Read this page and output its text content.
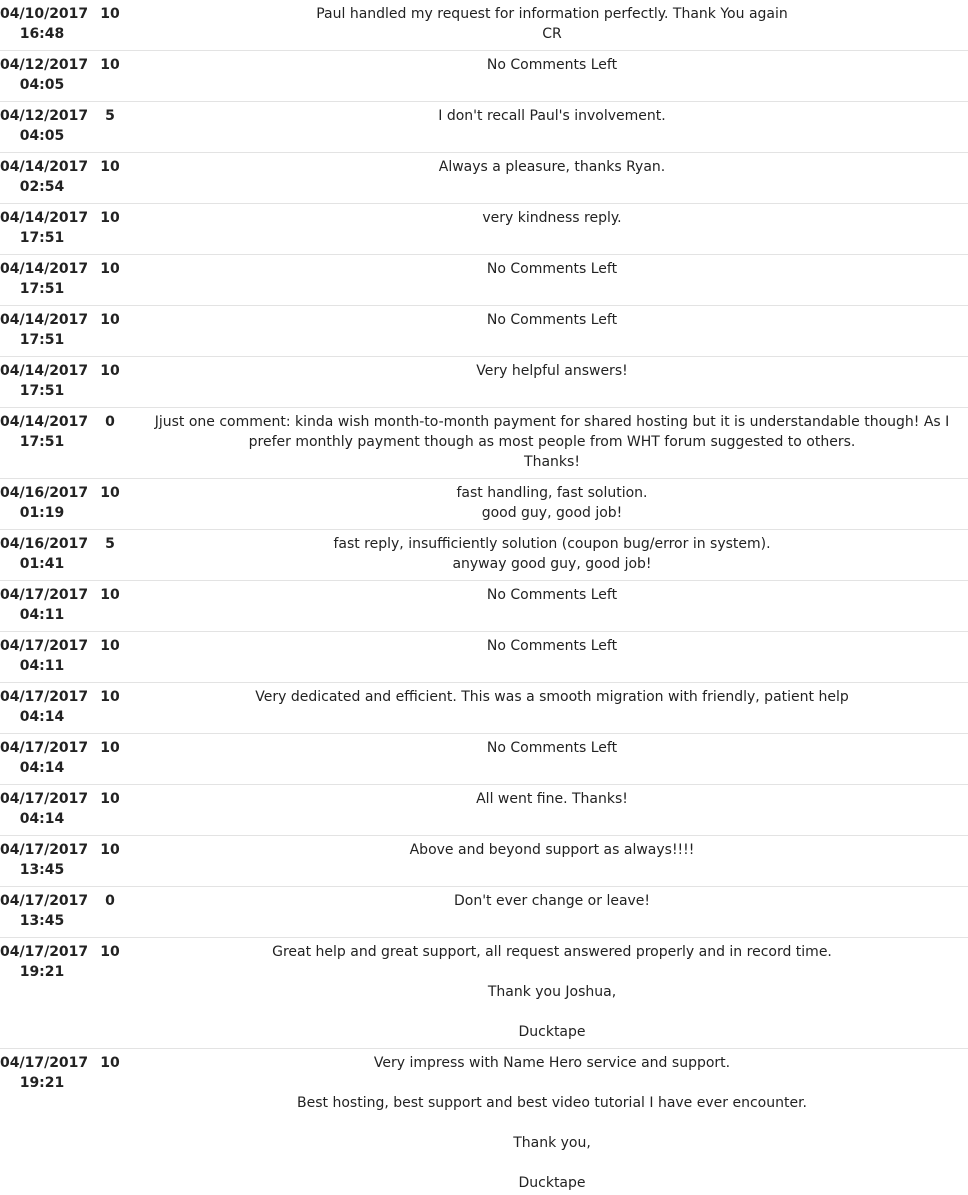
04/10/2017
16:48
10	Paul handled my request for information perfectly. Thank You again
CR
04/12/2017
04:05
10	No Comments Left
04/12/2017
04:05
5	I don't recall Paul's involvement.
04/14/2017
02:54
10	Always a pleasure, thanks Ryan.
04/14/2017
17:51
10	very kindness reply.
04/14/2017
17:51
10	No Comments Left
04/14/2017
17:51
10	No Comments Left
04/14/2017
17:51
10	Very helpful answers!
04/14/2017
17:51
0	Jjust one comment: kinda wish month-to-month payment for shared hosting but it is understandable though! As I prefer monthly payment though as most people from WHT forum suggested to others.
Thanks!
04/16/2017
01:19
10	fast handling, fast solution.
good guy, good job!
04/16/2017
01:41
5	fast reply, insufficiently solution (coupon bug/error in system).
anyway good guy, good job!
04/17/2017
04:11
10	No Comments Left
04/17/2017
04:11
10	No Comments Left
04/17/2017
04:14
10	Very dedicated and efficient. This was a smooth migration with friendly, patient help
04/17/2017
04:14
10	No Comments Left
04/17/2017
04:14
10	All went fine. Thanks!
04/17/2017
13:45
10	Above and beyond support as always!!!!
04/17/2017
13:45
0	Don't ever change or leave!
04/17/2017
19:21
10	Great help and great support, all request answered properly and in record time.
Thank you Joshua,
Ducktape
04/17/2017
19:21
10	Very impress with Name Hero service and support.
Best hosting, best support and best video tutorial I have ever encounter.
Thank you,
Ducktape
